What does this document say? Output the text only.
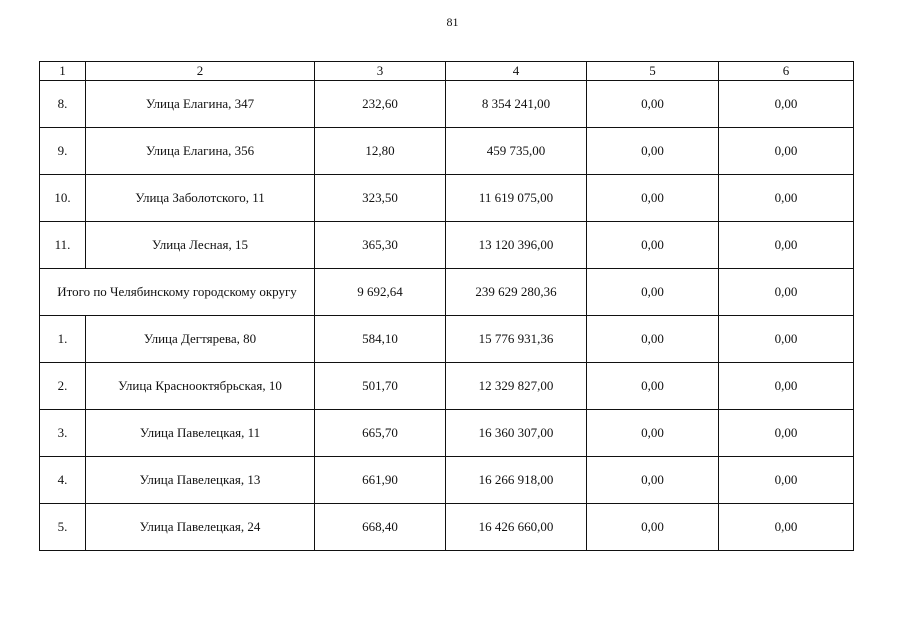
81
1	2	3	4	5	6
8.	Улица Елагина, 347	232,60	8 354 241,00	0,00	0,00
9.	Улица Елагина, 356	12,80	459 735,00	0,00	0,00
10.	Улица Заболотского, 11	323,50	11 619 075,00	0,00	0,00
11.	Улица Лесная, 15	365,30	13 120 396,00	0,00	0,00
Итого по Челябинскому городскому округу		9 692,64	239 629 280,36	0,00	0,00
1.	Улица Дегтярева, 80	584,10	15 776 931,36	0,00	0,00
2.	Улица Краснооктябрьская, 10	501,70	12 329 827,00	0,00	0,00
3.	Улица Павелецкая, 11	665,70	16 360 307,00	0,00	0,00
4.	Улица Павелецкая, 13	661,90	16 266 918,00	0,00	0,00
5.	Улица Павелецкая, 24	668,40	16 426 660,00	0,00	0,00
